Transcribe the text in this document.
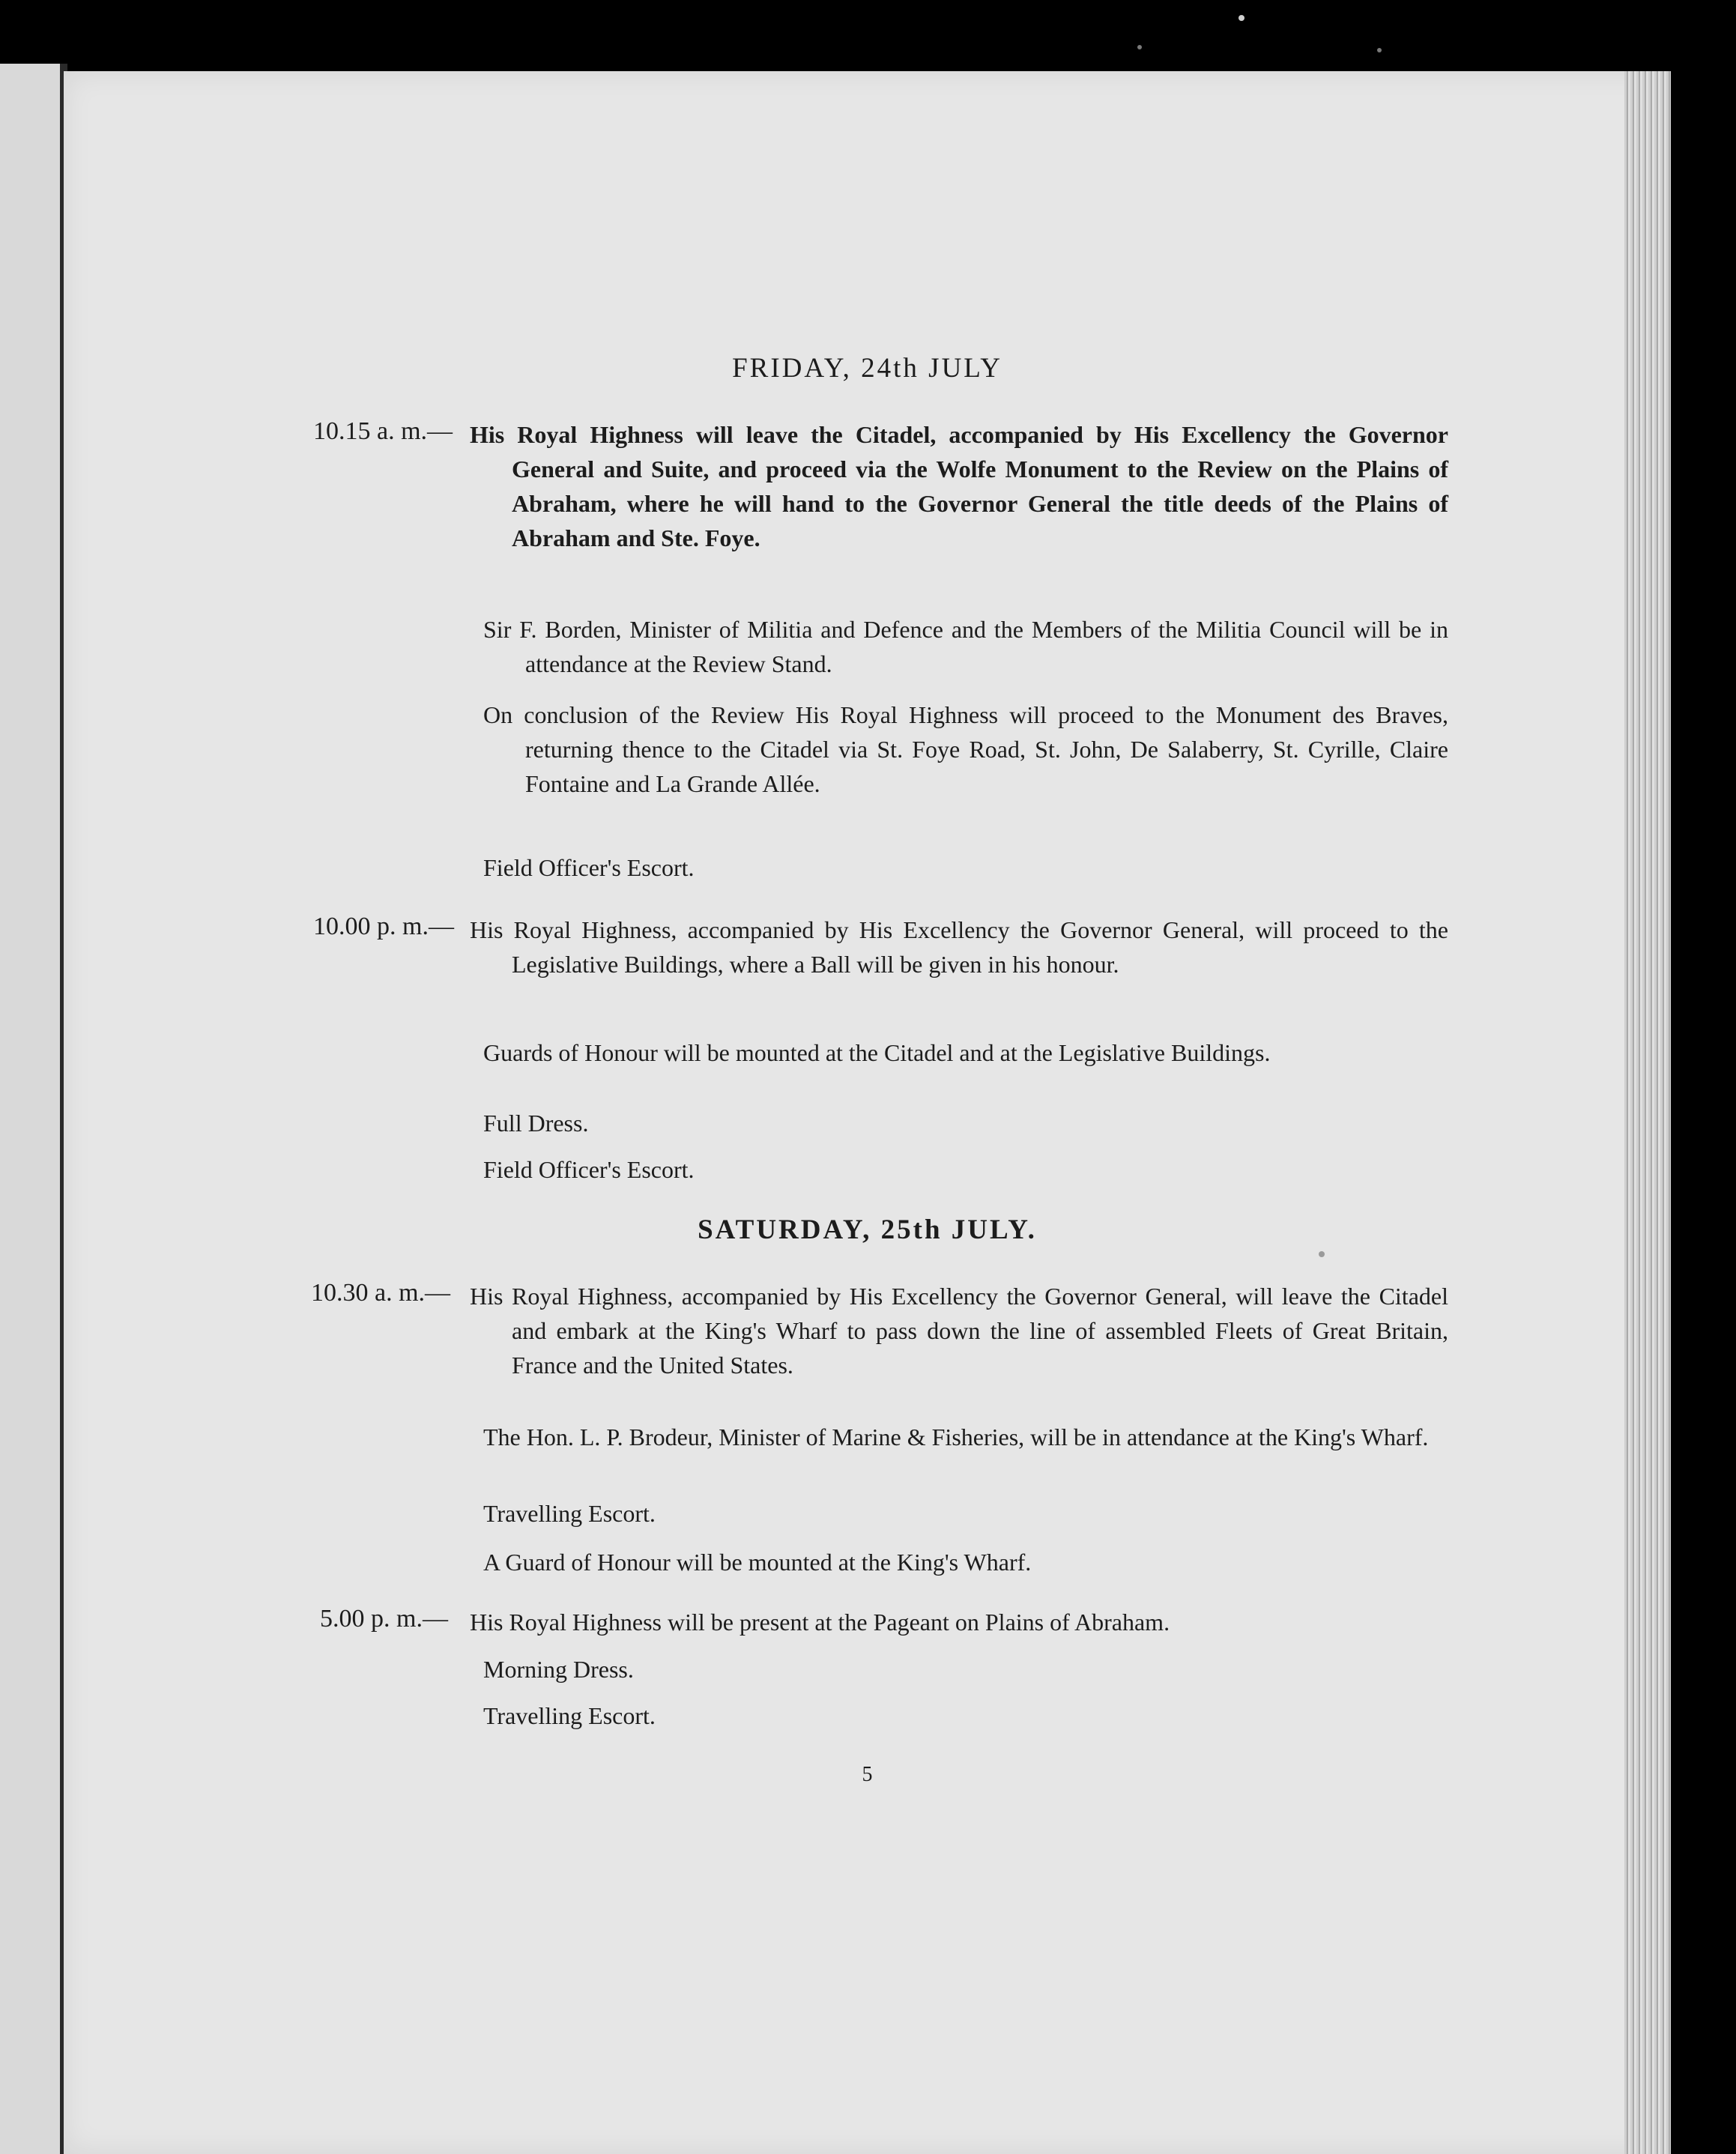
FRIDAY, 24th JULY
10.15 a. m.— His Royal Highness will leave the Citadel, accompanied by His Excellency the Governor General and Suite, and proceed via the Wolfe Monument to the Review on the Plains of Abraham, where he will hand to the Governor General the title deeds of the Plains of Abraham and Ste. Foye.
Sir F. Borden, Minister of Militia and Defence and the Members of the Militia Council will be in attendance at the Review Stand.
On conclusion of the Review His Royal Highness will proceed to the Monument des Braves, returning thence to the Citadel via St. Foye Road, St. John, De Salaberry, St. Cyrille, Claire Fontaine and La Grande Allée.
Field Officer's Escort.
10.00 p. m.— His Royal Highness, accompanied by His Excellency the Governor General, will proceed to the Legislative Buildings, where a Ball will be given in his honour.
Guards of Honour will be mounted at the Citadel and at the Legislative Buildings.
Full Dress.
Field Officer's Escort.
SATURDAY, 25th JULY.
10.30 a. m.— His Royal Highness, accompanied by His Excellency the Governor General, will leave the Citadel and embark at the King's Wharf to pass down the line of assembled Fleets of Great Britain, France and the United States.
The Hon. L. P. Brodeur, Minister of Marine & Fisheries, will be in attendance at the King's Wharf.
Travelling Escort.
A Guard of Honour will be mounted at the King's Wharf.
5.00 p. m.— His Royal Highness will be present at the Pageant on Plains of Abraham.
Morning Dress.
Travelling Escort.
5
